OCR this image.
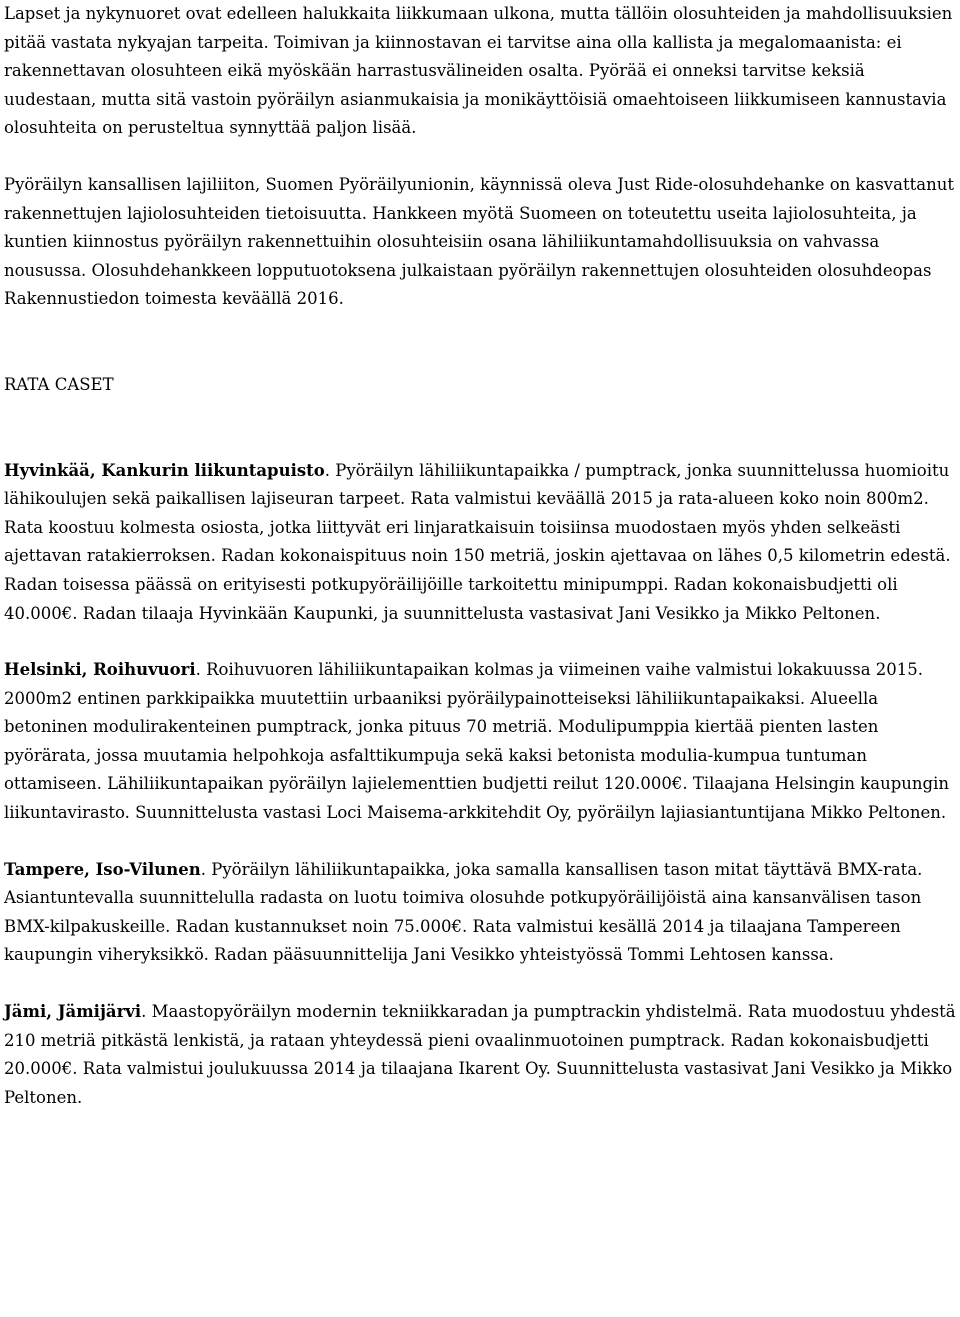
Lapset ja nykynuoret ovat edelleen halukkaita liikkumaan ulkona, mutta tällöin olosuhteiden ja mahdollisuuksien pitää vastata nykyajan tarpeita. Toimivan ja kiinnostavan ei tarvitse aina olla kallista ja megalomaanista: ei rakennettavan olosuhteen eikä myöskään harrastusvälineiden osalta. Pyörää ei onneksi tarvitse keksiä uudestaan, mutta sitä vastoin pyöräilyn asianmukaisia ja monikäyttöisiä omaehtoiseen liikkumiseen kannustavia olosuhteita on perusteltua synnyttää paljon lisää.

Pyöräilyn kansallisen lajiliiton, Suomen Pyöräilyunionin, käynnissä oleva Just Ride-olosuhdehanke on kasvattanut rakennettujen lajiolosuhteiden tietoisuutta. Hankkeen myötä Suomeen on toteutettu useita lajiolosuhteita, ja kuntien kiinnostus pyöräilyn rakennettuihin olosuhteisiin osana lähiliikuntamahdollisuuksia on vahvassa nousussa. Olosuhdehankkeen lopputuotoksena julkaistaan pyöräilyn rakennettujen olosuhteiden olosuhdeopas Rakennustiedon toimesta keväällä 2016.

RATA CASET

Hyvinkää, Kankurin liikuntapuisto. Pyöräilyn lähiliikuntapaikka / pumptrack, jonka suunnittelussa huomioitu lähikoulujen sekä paikallisen lajiseuran tarpeet. Rata valmistui keväällä 2015 ja rata-alueen koko noin 800m2. Rata koostuu kolmesta osiosta, jotka liittyvät eri linjaratkaisuin toisiinsa muodostaen myös yhden selkeästi ajettavan ratakierroksen. Radan kokonaispituus noin 150 metriä, joskin ajettavaa on lähes 0,5 kilometrin edestä. Radan toisessa päässä on erityisesti potkupyöräilijöille tarkoitettu minipumppi. Radan kokonaisbudjetti oli 40.000€. Radan tilaaja Hyvinkään Kaupunki, ja suunnittelusta vastasivat Jani Vesikko ja Mikko Peltonen.

Helsinki, Roihuvuori. Roihuvuoren lähiliikuntapaikan kolmas ja viimeinen vaihe valmistui lokakuussa 2015. 2000m2 entinen parkkipaikka muutettiin urbaaniksi pyöräilypainotteiseksi lähiliikuntapaikaksi. Alueella betoninen modulirakenteinen pumptrack, jonka pituus 70 metriä. Modulipumppia kiertää pienten lasten pyörärata, jossa muutamia helpohkoja asfalttikumpuja sekä kaksi betonista modulia-kumpua tuntuman ottamiseen. Lähiliikuntapaikan pyöräilyn lajielementtien budjetti reilut 120.000€. Tilaajana Helsingin kaupungin liikuntavirasto. Suunnittelusta vastasi Loci Maisema-arkkitehdit Oy, pyöräilyn lajiasiantuntijana Mikko Peltonen.

Tampere, Iso-Vilunen. Pyöräilyn lähiliikuntapaikka, joka samalla kansallisen tason mitat täyttävä BMX-rata. Asiantuntevalla suunnittelulla radasta on luotu toimiva olosuhde potkupyöräilijöistä aina kansanvälisen tason BMX-kilpakuskeille. Radan kustannukset noin 75.000€. Rata valmistui kesällä 2014 ja tilaajana Tampereen kaupungin viheryksikkö. Radan pääsuunnittelija Jani Vesikko yhteistyössä Tommi Lehtosen kanssa.

Jämi, Jämijärvi. Maastopyöräilyn modernin tekniikkaradan ja pumptrackin yhdistelmä. Rata muodostuu yhdestä 210 metriä pitkästä lenkistä, ja rataan yhteydessä pieni ovaalinmuotoinen pumptrack. Radan kokonaisbudjetti 20.000€. Rata valmistui joulukuussa 2014 ja tilaajana Ikarent Oy. Suunnittelusta vastasivat Jani Vesikko ja Mikko Peltonen.
